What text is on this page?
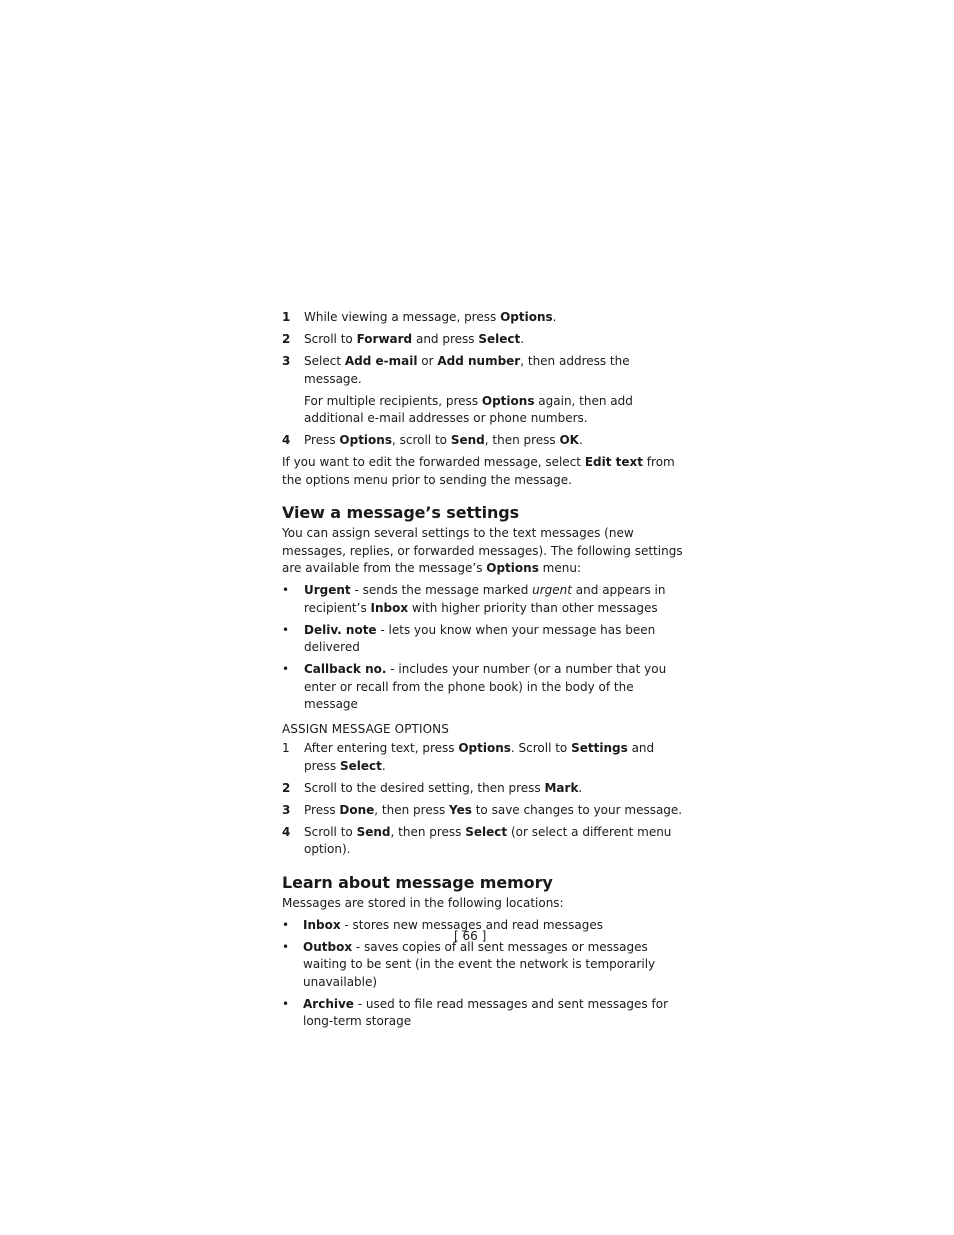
1 While viewing a message, press Options.
2 Scroll to Forward and press Select.
3 Select Add e-mail or Add number, then address the message.
For multiple recipients, press Options again, then add additional e-mail addresses or phone numbers.
4 Press Options, scroll to Send, then press OK.
If you want to edit the forwarded message, select Edit text from the options menu prior to sending the message.
View a message’s settings
You can assign several settings to the text messages (new messages, replies, or forwarded messages). The following settings are available from the message’s Options menu:
• Urgent - sends the message marked urgent and appears in recipient’s Inbox with higher priority than other messages
• Deliv. note - lets you know when your message has been delivered
• Callback no. - includes your number (or a number that you enter or recall from the phone book) in the body of the message
ASSIGN MESSAGE OPTIONS
1 After entering text, press Options. Scroll to Settings and press Select.
2 Scroll to the desired setting, then press Mark.
3 Press Done, then press Yes to save changes to your message.
4 Scroll to Send, then press Select (or select a different menu option).
Learn about message memory
Messages are stored in the following locations:
• Inbox - stores new messages and read messages
• Outbox - saves copies of all sent messages or messages waiting to be sent (in the event the network is temporarily unavailable)
• Archive - used to file read messages and sent messages for long-term storage
[ 66 ]
